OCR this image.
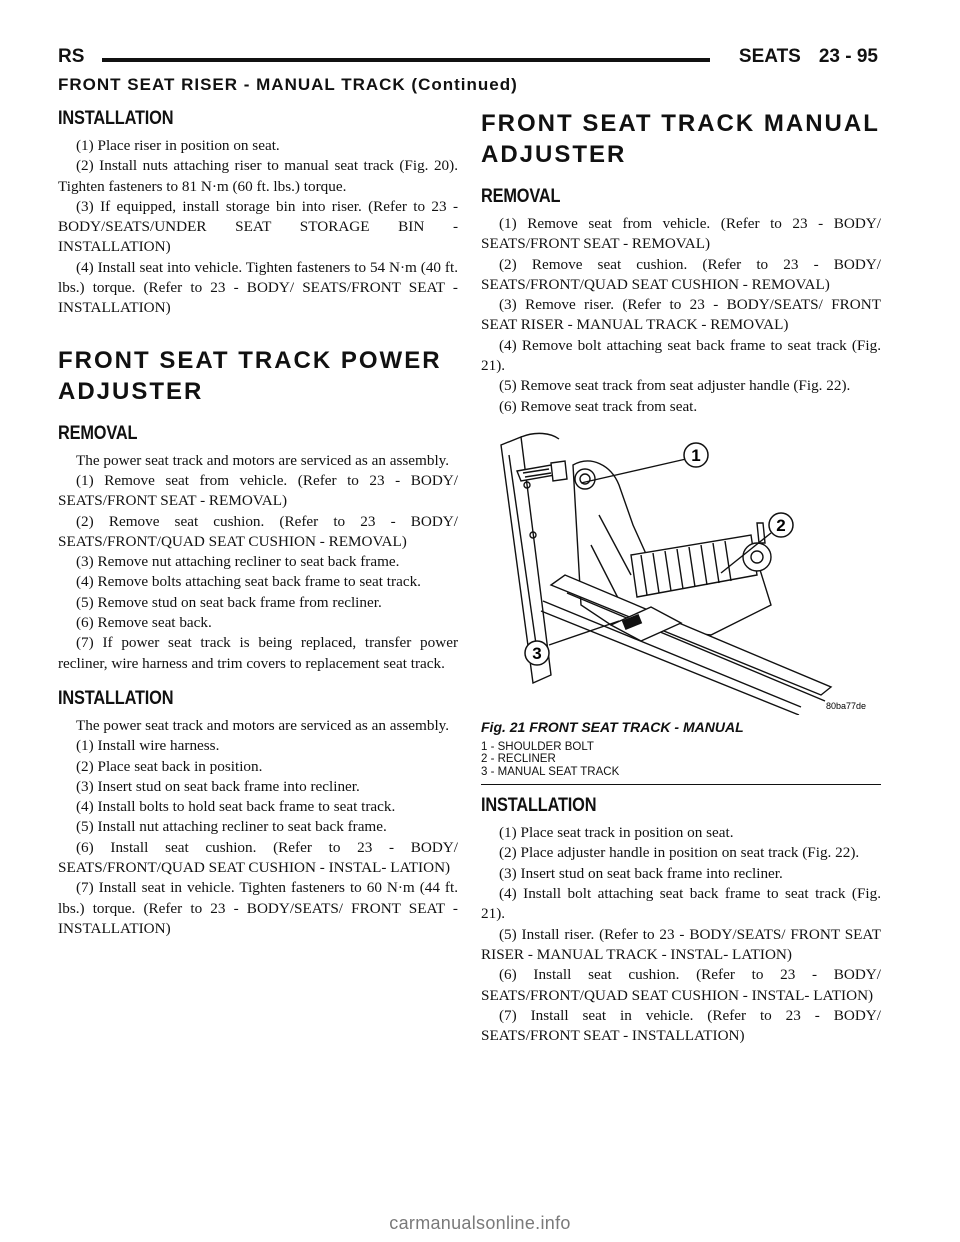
RS	SEATS 23 - 95
FRONT SEAT RISER - MANUAL TRACK (Continued)
INSTALLATION

(1) Place riser in position on seat.

(2) Install nuts attaching riser to manual seat track (Fig. 20). Tighten fasteners to 81 N·m (60 ft. lbs.) torque.

(3) If equipped, install storage bin into riser. (Refer to 23 - BODY/SEATS/UNDER SEAT STORAGE BIN - INSTALLATION)

(4) Install seat into vehicle. Tighten fasteners to 54 N·m (40 ft. lbs.) torque. (Refer to 23 - BODY/ SEATS/FRONT SEAT - INSTALLATION)

FRONT SEAT TRACK POWER ADJUSTER
REMOVAL

The power seat track and motors are serviced as an assembly.

(1) Remove seat from vehicle. (Refer to 23 - BODY/ SEATS/FRONT SEAT - REMOVAL)

(2) Remove seat cushion. (Refer to 23 - BODY/ SEATS/FRONT/QUAD SEAT CUSHION - REMOVAL)

(3) Remove nut attaching recliner to seat back frame.

(4) Remove bolts attaching seat back frame to seat track.

(5) Remove stud on seat back frame from recliner.

(6) Remove seat back.

(7) If power seat track is being replaced, transfer power recliner, wire harness and trim covers to replacement seat track.

INSTALLATION

The power seat track and motors are serviced as an assembly.

(1) Install wire harness.

(2) Place seat back in position.

(3) Insert stud on seat back frame into recliner.

(4) Install bolts to hold seat back frame to seat track.

(5) Install nut attaching recliner to seat back frame.

(6) Install seat cushion. (Refer to 23 - BODY/ SEATS/FRONT/QUAD SEAT CUSHION - INSTAL- LATION)

(7) Install seat in vehicle. Tighten fasteners to 60 N·m (44 ft. lbs.) torque. (Refer to 23 - BODY/SEATS/ FRONT SEAT - INSTALLATION)

FRONT SEAT TRACK MANUAL ADJUSTER
REMOVAL

(1) Remove seat from vehicle. (Refer to 23 - BODY/ SEATS/FRONT SEAT - REMOVAL)

(2) Remove seat cushion. (Refer to 23 - BODY/ SEATS/FRONT/QUAD SEAT CUSHION - REMOVAL)

(3) Remove riser. (Refer to 23 - BODY/SEATS/ FRONT SEAT RISER - MANUAL TRACK - REMOVAL)

(4) Remove bolt attaching seat back frame to seat track (Fig. 21).

(5) Remove seat track from seat adjuster handle (Fig. 22).

(6) Remove seat track from seat.

1
2
3
80ba77de
Fig. 21 FRONT SEAT TRACK - MANUAL
1 - SHOULDER BOLT
2 - RECLINER
3 - MANUAL SEAT TRACK
INSTALLATION

(1) Place seat track in position on seat.

(2) Place adjuster handle in position on seat track (Fig. 22).

(3) Insert stud on seat back frame into recliner.

(4) Install bolt attaching seat back frame to seat track (Fig. 21).

(5) Install riser. (Refer to 23 - BODY/SEATS/ FRONT SEAT RISER - MANUAL TRACK - INSTAL- LATION)

(6) Install seat cushion. (Refer to 23 - BODY/ SEATS/FRONT/QUAD SEAT CUSHION - INSTAL- LATION)

(7) Install seat in vehicle. (Refer to 23 - BODY/ SEATS/FRONT SEAT - INSTALLATION)

carmanualsonline.info
